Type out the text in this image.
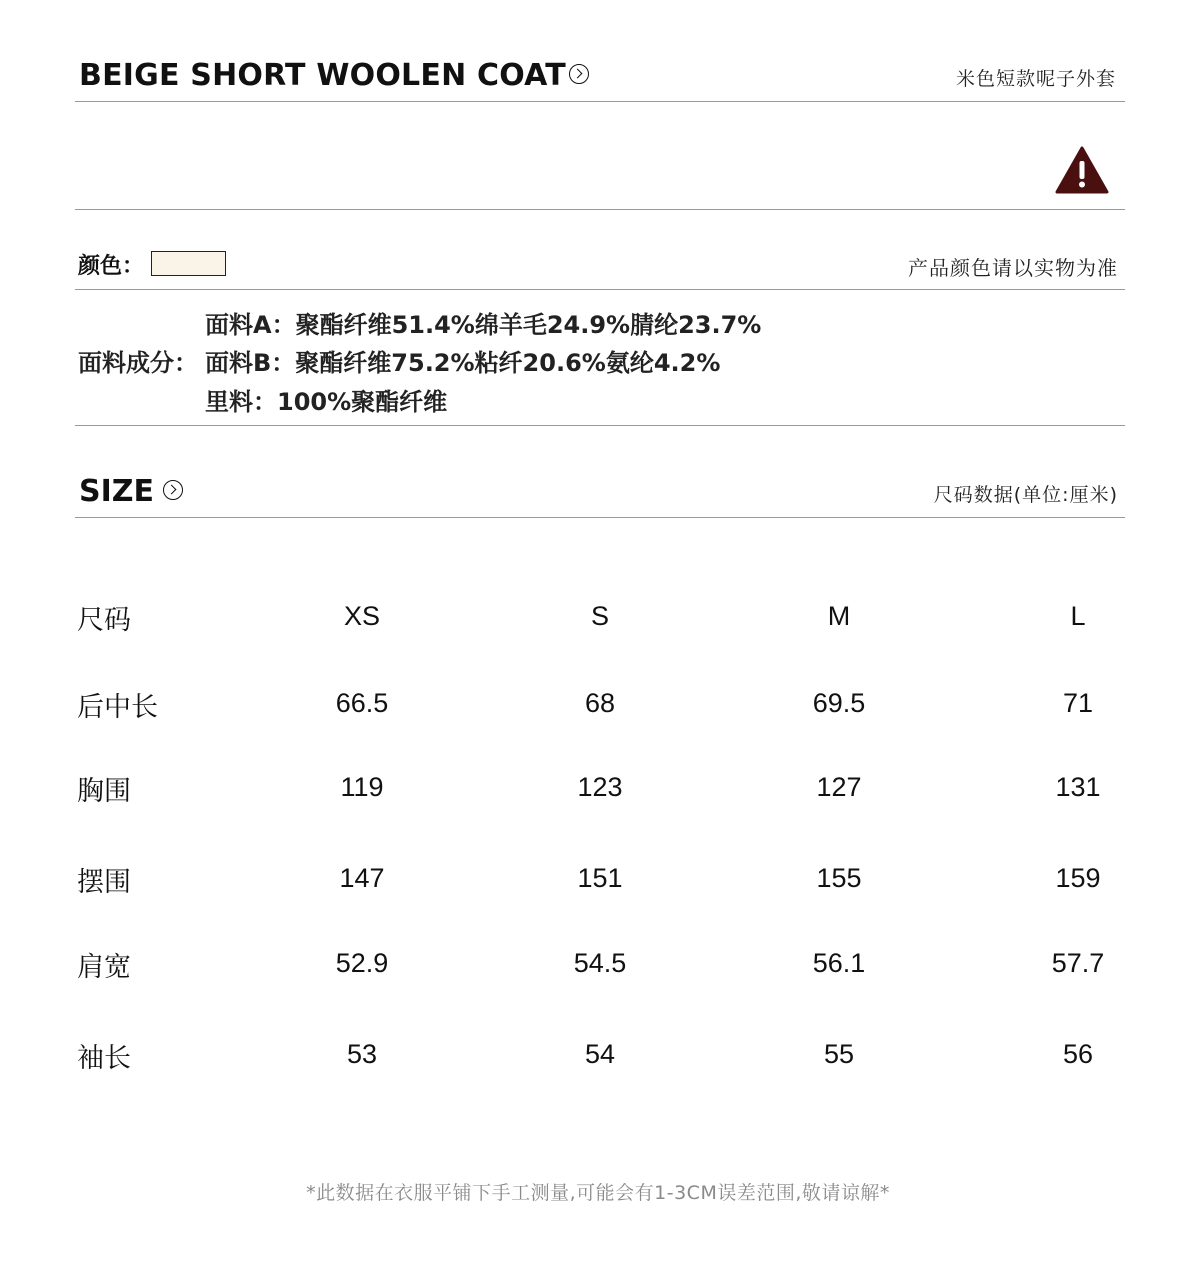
BEIGE SHORT WOOLEN COAT	米色短款呢子外套
颜色：	产品颜色请以实物为准
面料成分：
面料A：聚酯纤维51.4%绵羊毛24.9%腈纶23.7%
面料B：聚酯纤维75.2%粘纤20.6%氨纶4.2%
里料：100%聚酯纤维
SIZE	尺码数据(单位:厘米)
尺码	XS	S	M	L
后中长	66.5	68	69.5	71
胸围	119	123	127	131
摆围	147	151	155	159
肩宽	52.9	54.5	56.1	57.7
袖长	53	54	55	56
*此数据在衣服平铺下手工测量,可能会有1-3CM误差范围,敬请谅解*
